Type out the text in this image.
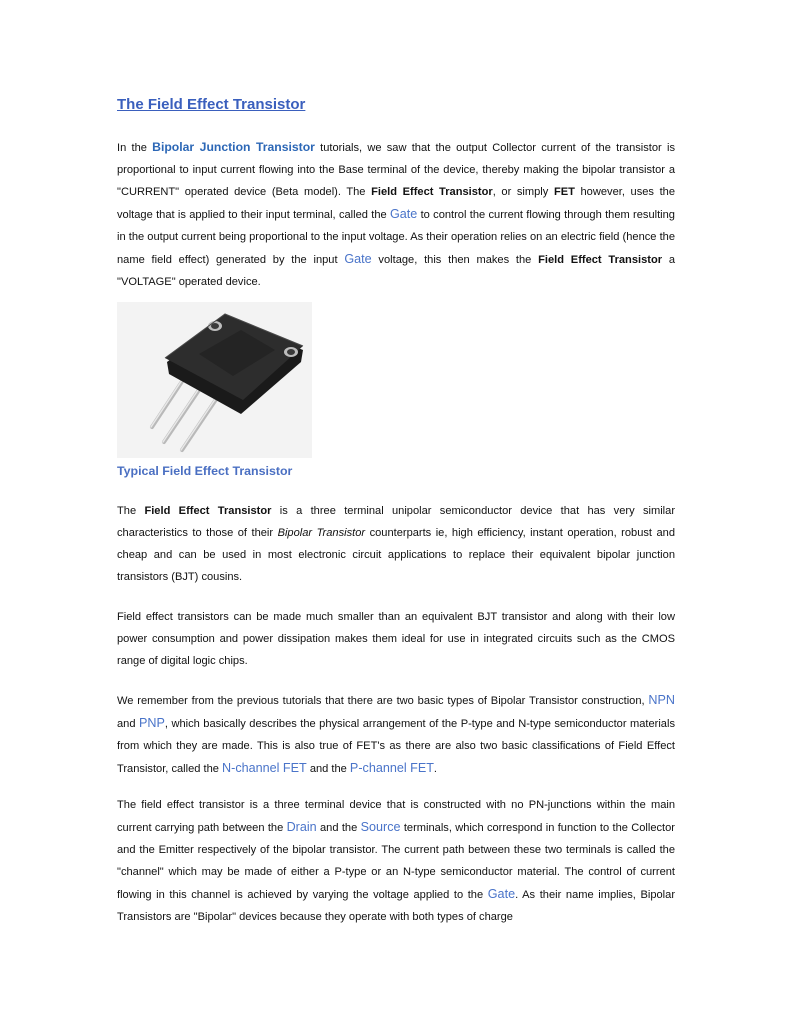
The Field Effect Transistor
In the Bipolar Junction Transistor tutorials, we saw that the output Collector current of the transistor is proportional to input current flowing into the Base terminal of the device, thereby making the bipolar transistor a "CURRENT" operated device (Beta model). The Field Effect Transistor, or simply FET however, uses the voltage that is applied to their input terminal, called the Gate to control the current flowing through them resulting in the output current being proportional to the input voltage. As their operation relies on an electric field (hence the name field effect) generated by the input Gate voltage, this then makes the Field Effect Transistor a "VOLTAGE" operated device.
Typical Field Effect Transistor
The Field Effect Transistor is a three terminal unipolar semiconductor device that has very similar characteristics to those of their Bipolar Transistor counterparts ie, high efficiency, instant operation, robust and cheap and can be used in most electronic circuit applications to replace their equivalent bipolar junction transistors (BJT) cousins.
Field effect transistors can be made much smaller than an equivalent BJT transistor and along with their low power consumption and power dissipation makes them ideal for use in integrated circuits such as the CMOS range of digital logic chips.
We remember from the previous tutorials that there are two basic types of Bipolar Transistor construction, NPN and PNP, which basically describes the physical arrangement of the P-type and N-type semiconductor materials from which they are made. This is also true of FET's as there are also two basic classifications of Field Effect Transistor, called the N-channel FET and the P-channel FET.
The field effect transistor is a three terminal device that is constructed with no PN-junctions within the main current carrying path between the Drain and the Source terminals, which correspond in function to the Collector and the Emitter respectively of the bipolar transistor. The current path between these two terminals is called the "channel" which may be made of either a P-type or an N-type semiconductor material. The control of current flowing in this channel is achieved by varying the voltage applied to the Gate. As their name implies, Bipolar Transistors are "Bipolar" devices because they operate with both types of charge
